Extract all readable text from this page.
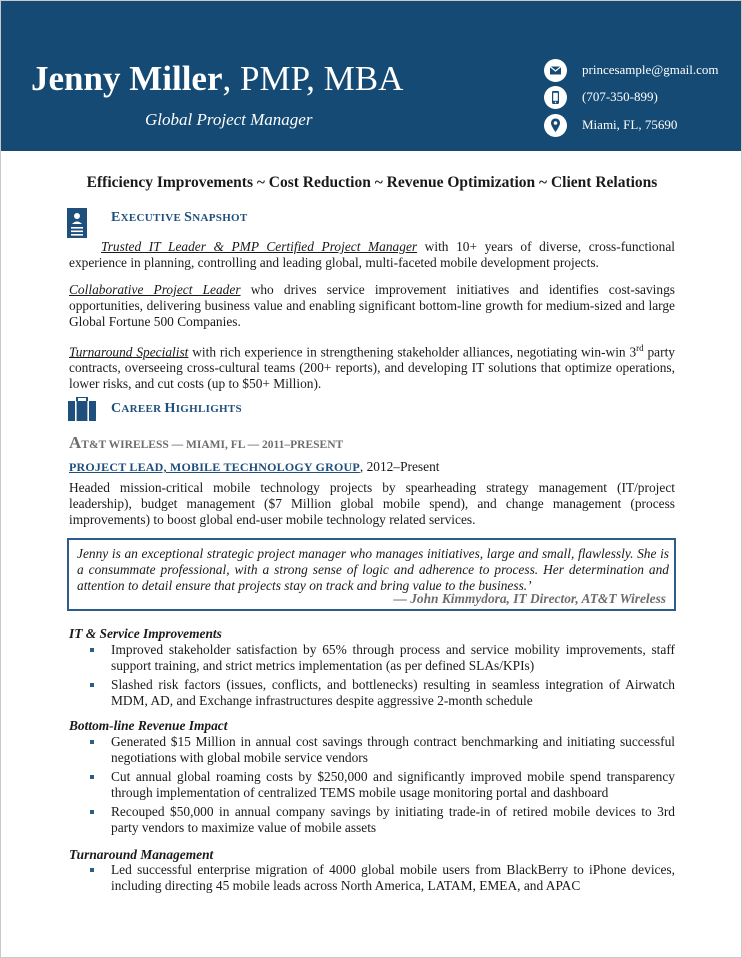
Jenny Miller, PMP, MBA
Global Project Manager
princesample@gmail.com
(707-350-899)
Miami, FL, 75690
Efficiency Improvements ~ Cost Reduction ~ Revenue Optimization ~ Client Relations
EXECUTIVE SNAPSHOT

Trusted IT Leader & PMP Certified Project Manager with 10+ years of diverse, cross-functional experience in planning, controlling and leading global, multi-faceted mobile development projects.

Collaborative Project Leader who drives service improvement initiatives and identifies cost-savings opportunities, delivering business value and enabling significant bottom-line growth for medium-sized and large Global Fortune 500 Companies.

Turnaround Specialist with rich experience in strengthening stakeholder alliances, negotiating win-win 3rd party contracts, overseeing cross-cultural teams (200+ reports), and developing IT solutions that optimize operations, lower risks, and cut costs (up to $50+ Million).

CAREER HIGHLIGHTS
AT&T WIRELESS — MIAMI, FL — 2011–PRESENT
PROJECT LEAD, MOBILE TECHNOLOGY GROUP, 2012–Present

Headed mission-critical mobile technology projects by spearheading strategy management (IT/project leadership), budget management ($7 Million global mobile spend), and change management (process improvements) to boost global end-user mobile technology related services.

Jenny is an exceptional strategic project manager who manages initiatives, large and small, flawlessly. She is a consummate professional, with a strong sense of logic and adherence to process. Her determination and attention to detail ensure that projects stay on track and bring value to the business.’
— John Kimmydora, IT Director, AT&T Wireless
IT & Service Improvements
Improved stakeholder satisfaction by 65% through process and service mobility improvements, staff support training, and strict metrics implementation (as per defined SLAs/KPIs)
Slashed risk factors (issues, conflicts, and bottlenecks) resulting in seamless integration of Airwatch MDM, AD, and Exchange infrastructures despite aggressive 2-month schedule
Bottom-line Revenue Impact
Generated $15 Million in annual cost savings through contract benchmarking and initiating successful negotiations with global mobile service vendors
Cut annual global roaming costs by $250,000 and significantly improved mobile spend transparency through implementation of centralized TEMS mobile usage monitoring portal and dashboard
Recouped $50,000 in annual company savings by initiating trade-in of retired mobile devices to 3rd party vendors to maximize value of mobile assets
Turnaround Management
Led successful enterprise migration of 4000 global mobile users from BlackBerry to iPhone devices, including directing 45 mobile leads across North America, LATAM, EMEA, and APAC
